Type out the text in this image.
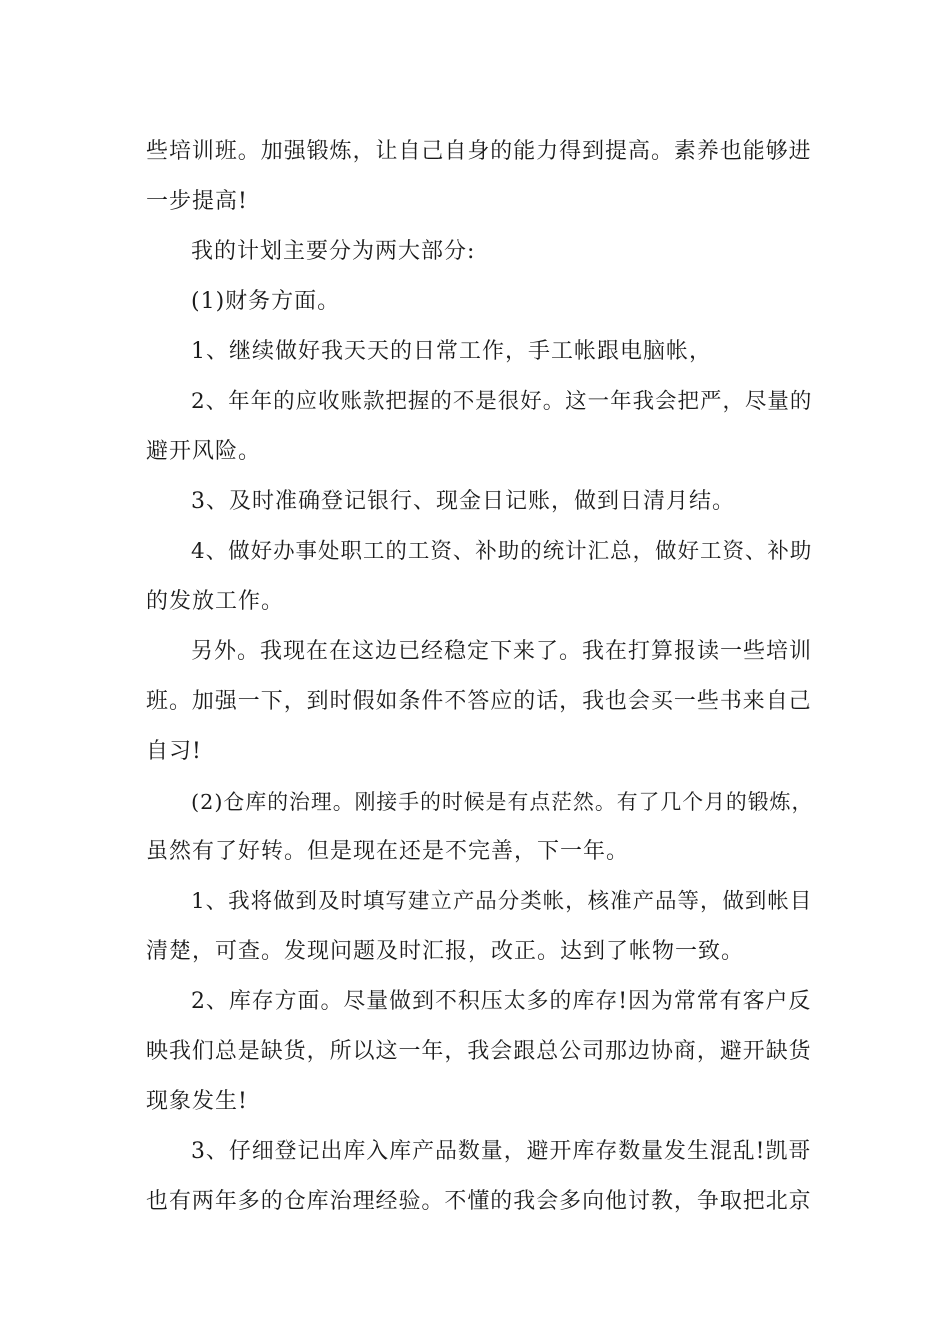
些培训班。加强锻炼，让自己自身的能力得到提高。素养也能够进
一步提高!
我的计划主要分为两大部分:
(1)财务方面。
1、继续做好我天天的日常工作，手工帐跟电脑帐，
2、年年的应收账款把握的不是很好。这一年我会把严，尽量的
避开风险。
3、及时准确登记银行、现金日记账，做到日清月结。
4、做好办事处职工的工资、补助的统计汇总，做好工资、补助
的发放工作。
另外。我现在在这边已经稳定下来了。我在打算报读一些培训
班。加强一下，到时假如条件不答应的话，我也会买一些书来自己
自习!
(2)仓库的治理。刚接手的时候是有点茫然。有了几个月的锻炼，
虽然有了好转。但是现在还是不完善，下一年。
1、我将做到及时填写建立产品分类帐，核准产品等，做到帐目
清楚，可查。发现问题及时汇报，改正。达到了帐物一致。
2、库存方面。尽量做到不积压太多的库存!因为常常有客户反
映我们总是缺货，所以这一年，我会跟总公司那边协商，避开缺货
现象发生!
3、仔细登记出库入库产品数量，避开库存数量发生混乱!凯哥
也有两年多的仓库治理经验。不懂的我会多向他讨教，争取把北京
